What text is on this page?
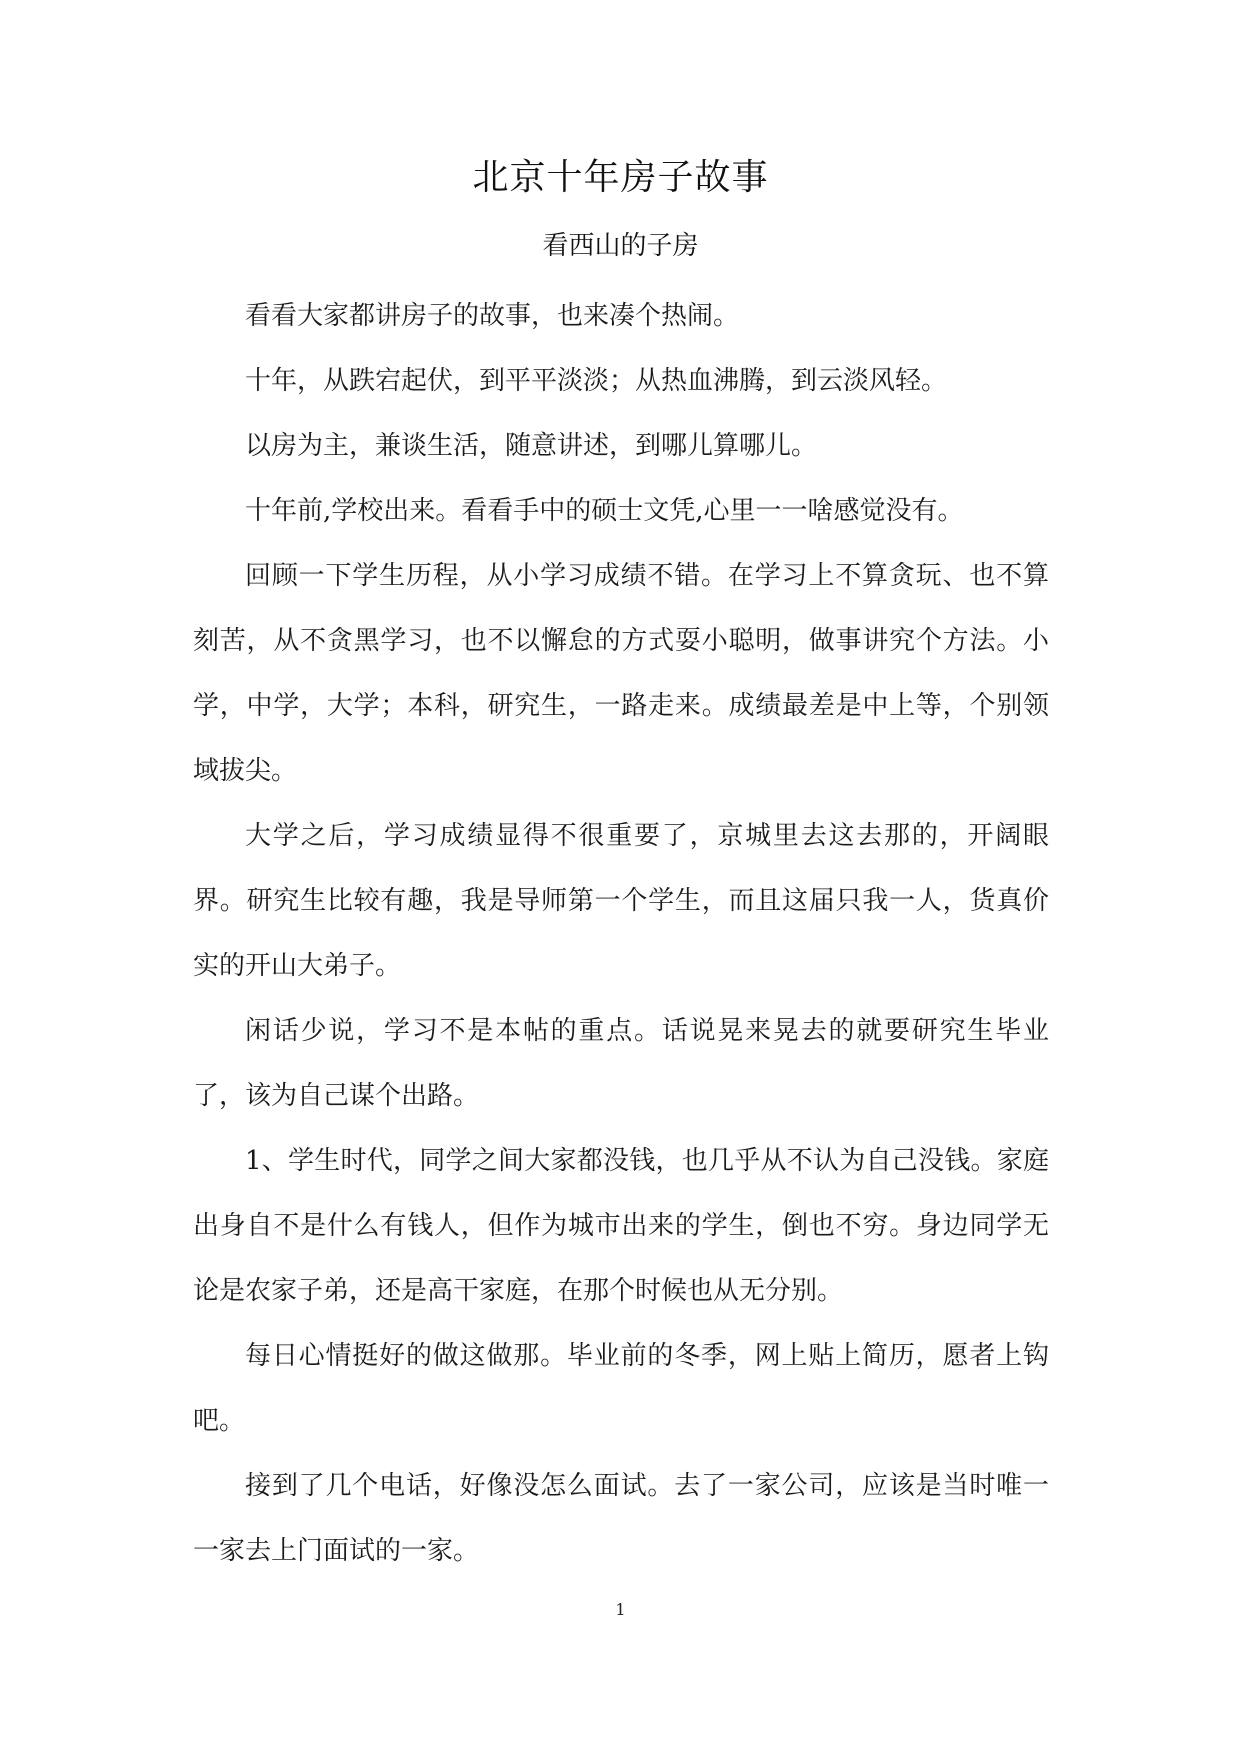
北京十年房子故事
看西山的子房

看看大家都讲房子的故事，也来凑个热闹。

十年，从跌宕起伏，到平平淡淡；从热血沸腾，到云淡风轻。

以房为主，兼谈生活，随意讲述，到哪儿算哪儿。

十年前,学校出来。看看手中的硕士文凭,心里一一啥感觉没有。

回顾一下学生历程，从小学习成绩不错。在学习上不算贪玩、也不算刻苦，从不贪黑学习，也不以懈怠的方式耍小聪明，做事讲究个方法。小学，中学，大学；本科，研究生，一路走来。成绩最差是中上等，个别领域拔尖。

大学之后，学习成绩显得不很重要了，京城里去这去那的，开阔眼界。研究生比较有趣，我是导师第一个学生，而且这届只我一人，货真价实的开山大弟子。

闲话少说，学习不是本帖的重点。话说晃来晃去的就要研究生毕业了，该为自己谋个出路。

1、学生时代，同学之间大家都没钱，也几乎从不认为自己没钱。家庭出身自不是什么有钱人，但作为城市出来的学生，倒也不穷。身边同学无论是农家子弟，还是高干家庭，在那个时候也从无分别。

每日心情挺好的做这做那。毕业前的冬季，网上贴上简历，愿者上钩吧。

接到了几个电话，好像没怎么面试。去了一家公司，应该是当时唯一一家去上门面试的一家。

1
